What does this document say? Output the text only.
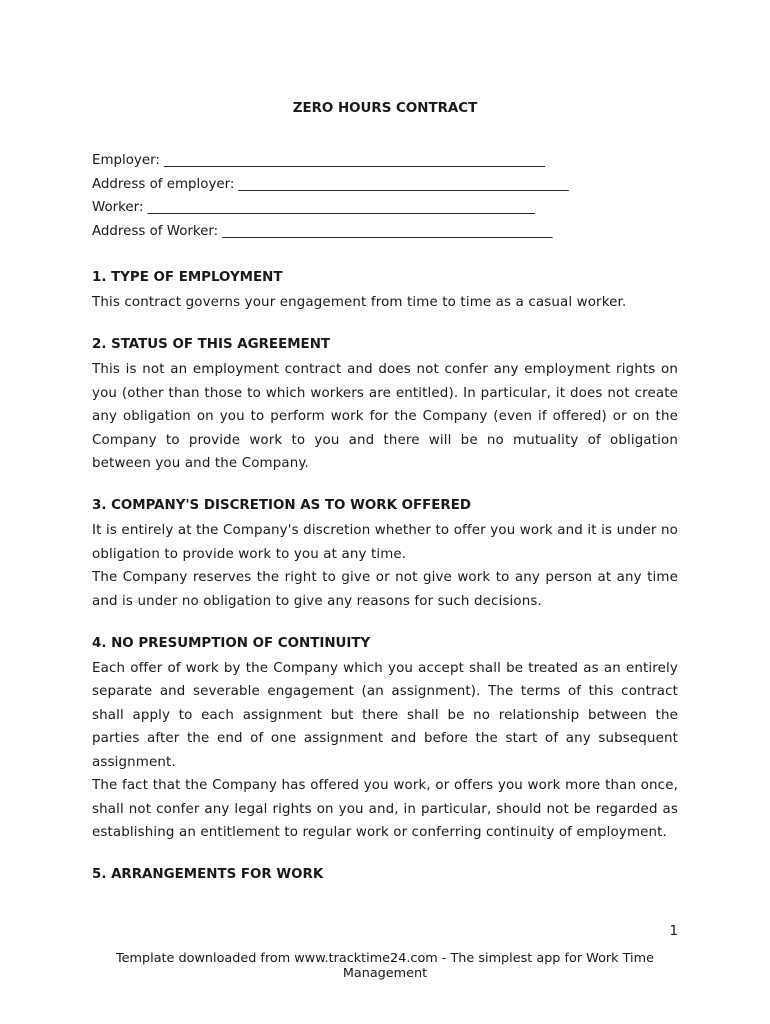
ZERO HOURS CONTRACT
Employer: ____________________________________________________________
Address of employer: ____________________________________________________
Worker: _____________________________________________________________
Address of Worker: ____________________________________________________
1. TYPE OF EMPLOYMENT

This contract governs your engagement from time to time as a casual worker.

2. STATUS OF THIS AGREEMENT

This is not an employment contract and does not confer any employment rights on you (other than those to which workers are entitled). In particular, it does not create any obligation on you to perform work for the Company (even if offered) or on the Company to provide work to you and there will be no mutuality of obligation between you and the Company.

3. COMPANY'S DISCRETION AS TO WORK OFFERED

It is entirely at the Company's discretion whether to offer you work and it is under no obligation to provide work to you at any time.

The Company reserves the right to give or not give work to any person at any time and is under no obligation to give any reasons for such decisions.

4. NO PRESUMPTION OF CONTINUITY

Each offer of work by the Company which you accept shall be treated as an entirely separate and severable engagement (an assignment). The terms of this contract shall apply to each assignment but there shall be no relationship between the parties after the end of one assignment and before the start of any subsequent assignment.

The fact that the Company has offered you work, or offers you work more than once, shall not confer any legal rights on you and, in particular, should not be regarded as establishing an entitlement to regular work or conferring continuity of employment.

5. ARRANGEMENTS FOR WORK
1
Template downloaded from www.tracktime24.com - The simplest app for Work Time
Management
